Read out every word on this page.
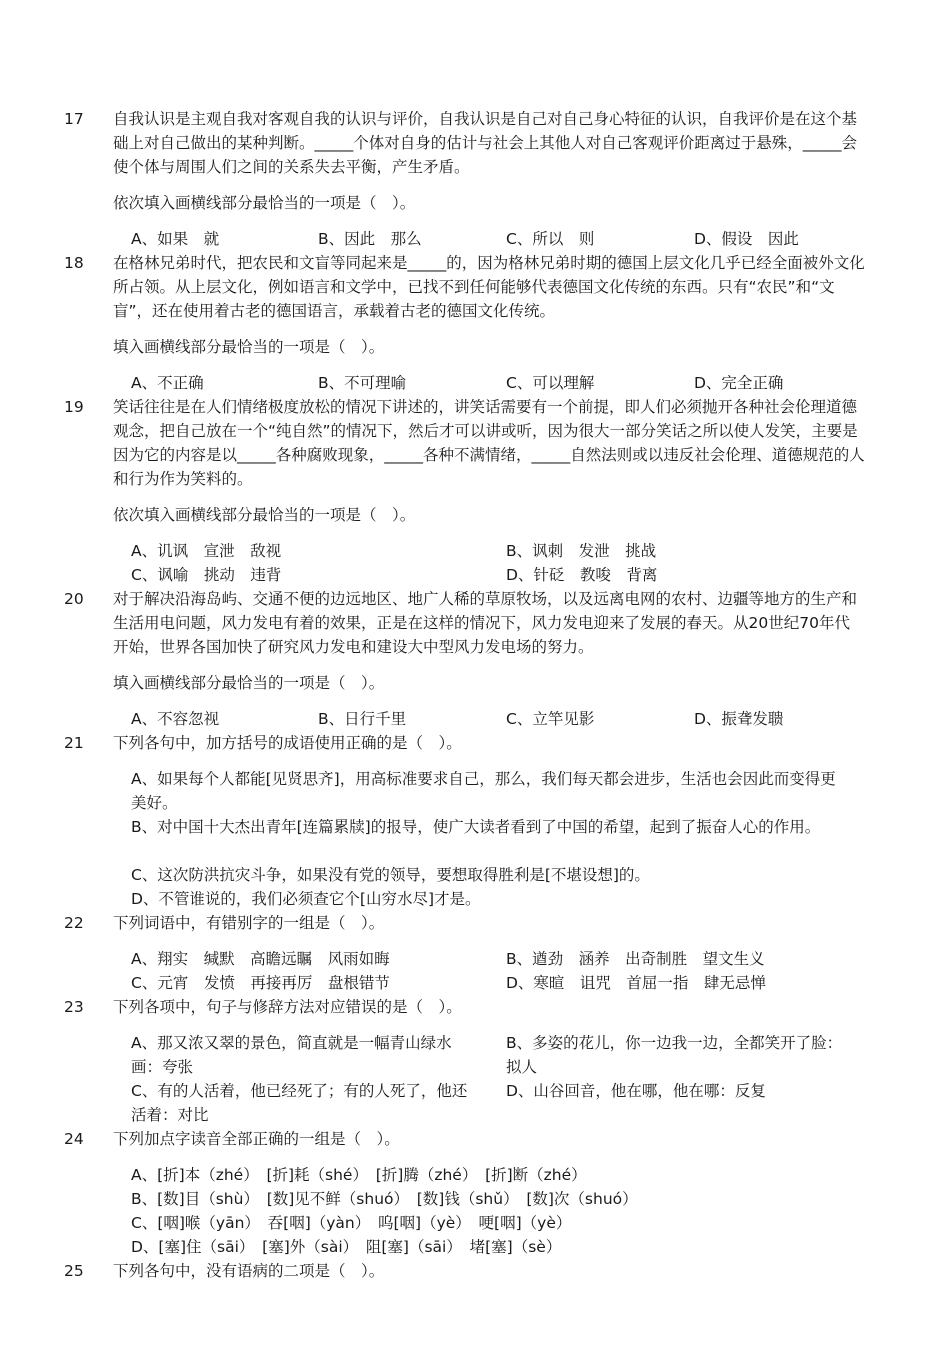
17	自我认识是主观自我对客观自我的认识与评价，自我认识是自己对自己身心特征的认识，自我评价是在这个基础上对自己做出的某种判断。_____个体对自身的估计与社会上其他人对自己客观评价距离过于悬殊，_____会使个体与周围人们之间的关系失去平衡，产生矛盾。
依次填入画横线部分最恰当的一项是（　）。
A、如果　就	B、因此　那么	C、所以　则	D、假设　因此
18	在格林兄弟时代，把农民和文盲等同起来是_____的，因为格林兄弟时期的德国上层文化几乎已经全面被外文化所占领。从上层文化，例如语言和文学中，已找不到任何能够代表德国文化传统的东西。只有“农民”和“文盲”，还在使用着古老的德国语言，承载着古老的德国文化传统。
填入画横线部分最恰当的一项是（　）。
A、不正确	B、不可理喻	C、可以理解	D、完全正确
19	笑话往往是在人们情绪极度放松的情况下讲述的，讲笑话需要有一个前提，即人们必须抛开各种社会伦理道德观念，把自己放在一个“纯自然”的情况下，然后才可以讲或听，因为很大一部分笑话之所以使人发笑，主要是因为它的内容是以_____各种腐败现象，_____各种不满情绪，_____自然法则或以违反社会伦理、道德规范的人和行为作为笑料的。
依次填入画横线部分最恰当的一项是（　）。
A、讥讽　宣泄　敌视	B、讽刺　发泄　挑战
C、讽喻　挑动　违背	D、针砭　教唆　背离
20	对于解决沿海岛屿、交通不便的边远地区、地广人稀的草原牧场，以及远离电网的农村、边疆等地方的生产和生活用电问题，风力发电有着的效果，正是在这样的情况下，风力发电迎来了发展的春天。从20世纪70年代开始，世界各国加快了研究风力发电和建设大中型风力发电场的努力。
填入画横线部分最恰当的一项是（　）。
A、不容忽视	B、日行千里	C、立竿见影	D、振聋发聩
21	下列各句中，加方括号的成语使用正确的是（　）。
A、如果每个人都能[见贤思齐]，用高标准要求自己，那么，我们每天都会进步，生活也会因此而变得更美好。
B、对中国十大杰出青年[连篇累牍]的报导，使广大读者看到了中国的希望，起到了振奋人心的作用。
C、这次防洪抗灾斗争，如果没有党的领导，要想取得胜利是[不堪设想]的。
D、不管谁说的，我们必须查它个[山穷水尽]才是。
22	下列词语中，有错别字的一组是（　）。
A、翔实　缄默　高瞻远瞩　风雨如晦	B、遒劲　涵养　出奇制胜　望文生义
C、元宵　发愤　再接再厉　盘根错节	D、寒暄　诅咒　首屈一指　肆无忌惮
23	下列各项中，句子与修辞方法对应错误的是（　）。
A、那又浓又翠的景色，简直就是一幅青山绿水画：夸张
B、多姿的花儿，你一边我一边，全都笑开了脸：拟人
C、有的人活着，他已经死了；有的人死了，他还活着：对比
D、山谷回音，他在哪，他在哪：反复
24	下列加点字读音全部正确的一组是（　）。
A、[折]本（zhé）　[折]耗（shé）　[折]腾（zhé）　[折]断（zhé）
B、[数]目（shù）　[数]见不鲜（shuó）　[数]钱（shǔ）　[数]次（shuó）
C、[咽]喉（yān）　吞[咽]（yàn）　呜[咽]（yè）　哽[咽]（yè）
D、[塞]住（sāi）　[塞]外（sài）　阻[塞]（sāi）　堵[塞]（sè）
25	下列各句中，没有语病的二项是（　）。
